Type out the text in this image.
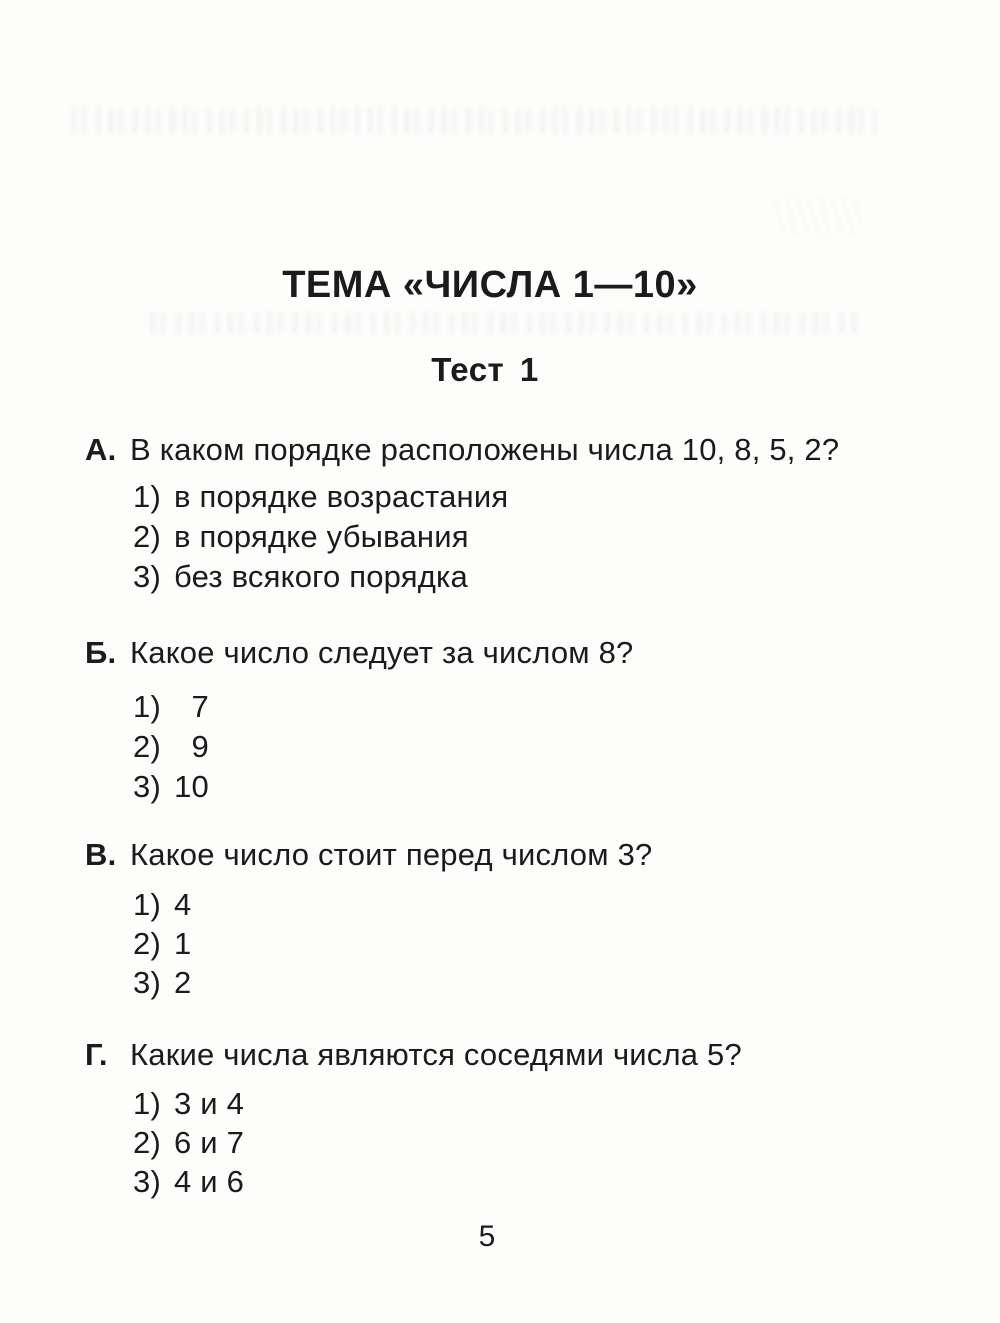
ТЕМА «ЧИСЛА 1—10»
Тест 1
А. В каком порядке расположены числа 10, 8, 5, 2?
1) в порядке возрастания
2) в порядке убывания
3) без всякого порядка
Б. Какое число следует за числом 8?
1) 7
2) 9
3) 10
В. Какое число стоит перед числом 3?
1) 4
2) 1
3) 2
Г. Какие числа являются соседями числа 5?
1) 3 и 4
2) 6 и 7
3) 4 и 6
5
